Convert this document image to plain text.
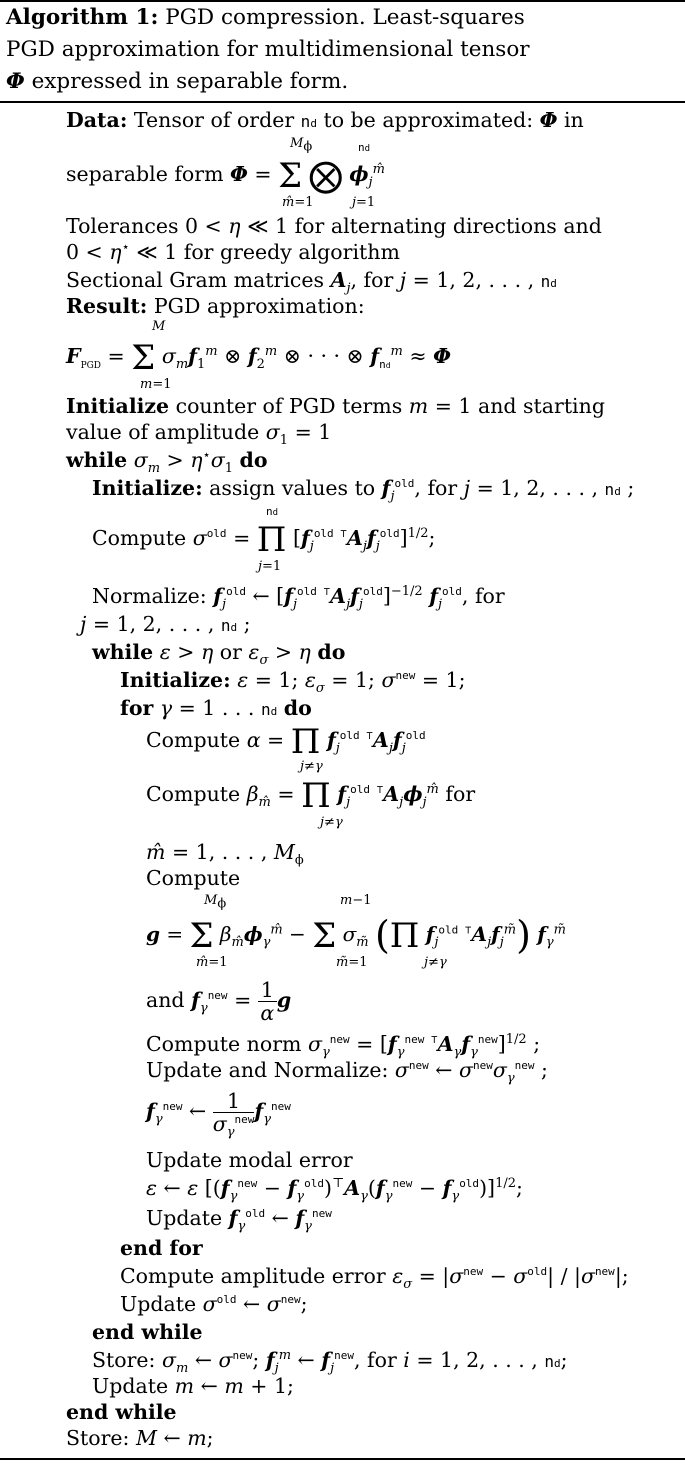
Algorithm 1: PGD compression. Least-squares
PGD approximation for multidimensional tensor
Φ expressed in separable form.
Data: Tensor of order nd to be approximated: Φ in
$M_\phi$	nd
separable form Φ = Σ ⨂ $\phi_j^{m̂}$
m̂=1	j=1
Tolerances 0 < η ≪ 1 for alternating directions and
0 < η⋆ ≪ 1 for greedy algorithm
Sectional Gram matrices $A_j$, for j = 1, 2, . . . , nd
Result: PGD approximation:
M
$F_{PGD} = \Sigma$ $\sigma_mf_1^m$ ⊗ $f_2^m$ ⊗ · · · ⊗ $f_{nd}^m \approx \Phi$
m=1
Initialize counter of PGD terms m = 1 and starting
value of amplitude $\sigma_1 = 1$
while $\sigma_m > \eta^⋆\sigma_1$ do
Initialize: assign values to $f_j^{old}$, for j = 1, 2, . . . , nd ;
nd
Compute $\sigma^{old} = \Pi$ $[f_j^{old ⊤}A_jf_j^{old}]^{1/2}$;
j=1
Normalize: $f_j^{old}$ ← $[f_j^{old ⊤}A_jf_j^{old}]^{-1/2}$ $f_j^{old}$, for
j = 1, 2, . . . , nd ;
while ε > η or $\varepsilon_\sigma > \eta$ do
Initialize: ε = 1; $\varepsilon_\sigma = 1$; $\sigma^{new} = 1$;
for γ = 1 . . . nd do
Compute α = Π $f_j^{old ⊤}A_jf_j^{old}$
j≠γ
Compute $\beta_{m̂} = \Pi$ $f_j^{old ⊤}A_j\phi_j^{m̂}$ for
j≠γ
m̂ = 1, . . . , $M_\phi$
Compute
$M_\phi$	m−1
g = Σ $\beta_{m̂}\phi_\gamma^{m̂} - \Sigma$ $\sigma_{m̃}$ (Π $f_j^{old ⊤}A_jf_j^{m̃}$) $f_\gamma^{m̃}$
m̂=1	m̃=1	j≠γ
and $f_\gamma^{new} = \frac{1}{\alpha}$ g
Compute norm $\sigma_\gamma^{new} = [f_\gamma^{new ⊤}A_\gamma f_\gamma^{new}]^{1/2}$ ;
Update and Normalize: $\sigma^{new}$ ← $\sigma^{new}\sigma_\gamma^{new}$ ;
$f_\gamma^{new}$ ← $\frac{1}{\sigma_\gamma^{new}} f_\gamma^{new}$
Update modal error
ε ← ε $[(f_\gamma^{new} - f_\gamma^{old})^⊤A_\gamma(f_\gamma^{new} - f_\gamma^{old})]^{1/2}$;
Update $f_\gamma^{old}$ ← $f_\gamma^{new}$
end for
Compute amplitude error $\varepsilon_\sigma = |\sigma^{new} - \sigma^{old}| / |\sigma^{new}|$;
Update $\sigma^{old}$ ← $\sigma^{new}$;
end while
Store: $\sigma_m$ ← $\sigma^{new}$; $f_j^m$ ← $f_j^{new}$, for i = 1, 2, . . . , nd;
Update m ← m + 1;
end while
Store: M ← m;
